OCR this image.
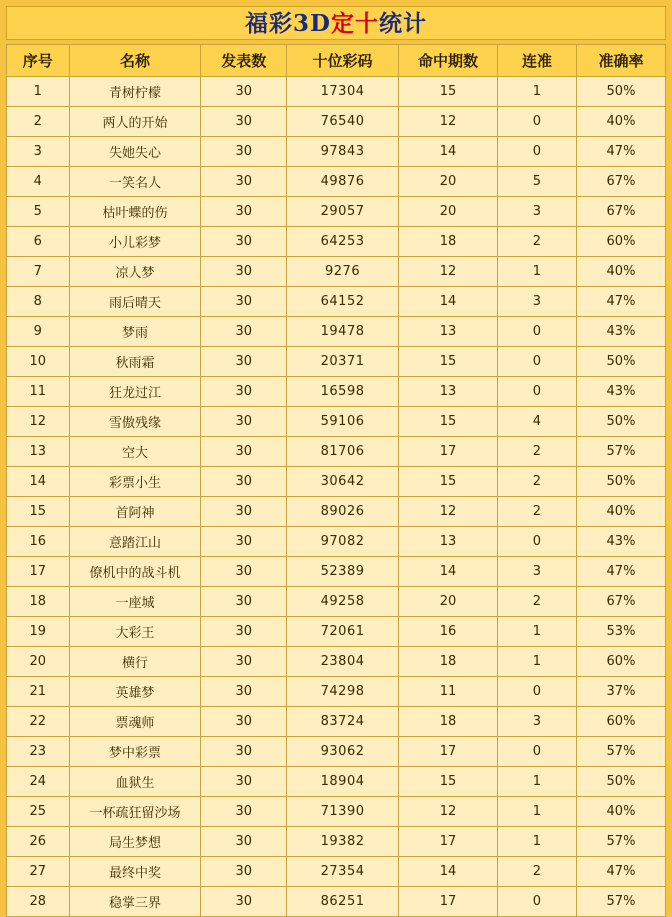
福彩3D定十统计
序号	名称	发表数	十位彩码	命中期数	连准	准确率
1	青树柠檬	30	17304	15	1	50%
2	两人的开始	30	76540	12	0	40%
3	失她失心	30	97843	14	0	47%
4	一笑名人	30	49876	20	5	67%
5	枯叶蝶的伤	30	29057	20	3	67%
6	小儿彩梦	30	64253	18	2	60%
7	凉人梦	30	9276	12	1	40%
8	雨后晴天	30	64152	14	3	47%
9	梦雨	30	19478	13	0	43%
10	秋雨霜	30	20371	15	0	50%
11	狂龙过江	30	16598	13	0	43%
12	雪傲残缘	30	59106	15	4	50%
13	空大	30	81706	17	2	57%
14	彩票小生	30	30642	15	2	50%
15	首阿神	30	89026	12	2	40%
16	意踏江山	30	97082	13	0	43%
17	僚机中的战斗机	30	52389	14	3	47%
18	一座城	30	49258	20	2	67%
19	大彩王	30	72061	16	1	53%
20	横行	30	23804	18	1	60%
21	英雄梦	30	74298	11	0	37%
22	票魂师	30	83724	18	3	60%
23	梦中彩票	30	93062	17	0	57%
24	血狱生	30	18904	15	1	50%
25	一杯疏狂留沙场	30	71390	12	1	40%
26	局生梦想	30	19382	17	1	57%
27	最终中奖	30	27354	14	2	47%
28	稳掌三界	30	86251	17	0	57%
